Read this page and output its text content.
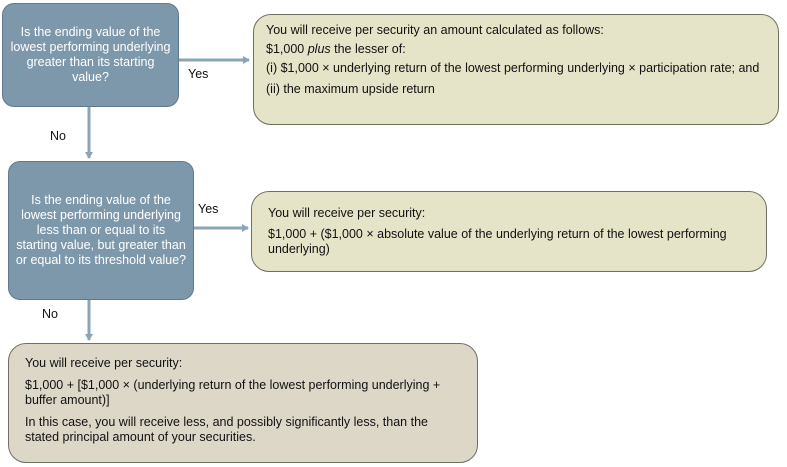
Is the ending value of the lowest performing underlying greater than its starting value?	Yes
No

You will receive per security an amount calculated as follows:

$1,000 plus the lesser of:

(i) $1,000 × underlying return of the lowest performing underlying × participation rate; and

(ii) the maximum upside return

Is the ending value of the lowest performing underlying less than or equal to its starting value, but greater than or equal to its threshold value?
Yes
No

You will receive per security:

$1,000 + ($1,000 × absolute value of the underlying return of the lowest performing underlying)

You will receive per security:

$1,000 + [$1,000 × (underlying return of the lowest performing underlying + buffer amount)]

In this case, you will receive less, and possibly significantly less, than the stated principal amount of your securities.
